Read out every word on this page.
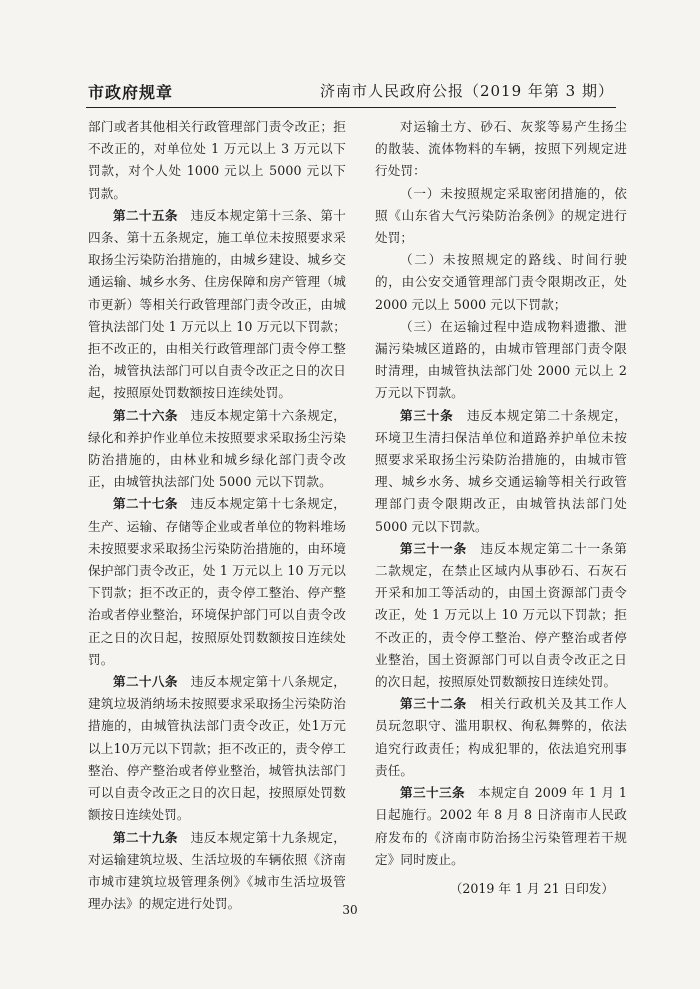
市政府规章	济南市人民政府公报（2019 年第 3 期）

部门或者其他相关行政管理部门责令改正；拒不改正的，对单位处 1 万元以上 3 万元以下罚款，对个人处 1000 元以上 5000 元以下罚款。

第二十五条  违反本规定第十三条、第十四条、第十五条规定，施工单位未按照要求采取扬尘污染防治措施的，由城乡建设、城乡交通运输、城乡水务、住房保障和房产管理（城市更新）等相关行政管理部门责令改正，由城管执法部门处 1 万元以上 10 万元以下罚款；拒不改正的，由相关行政管理部门责令停工整治，城管执法部门可以自责令改正之日的次日起，按照原处罚数额按日连续处罚。

第二十六条  违反本规定第十六条规定，绿化和养护作业单位未按照要求采取扬尘污染防治措施的，由林业和城乡绿化部门责令改正，由城管执法部门处 5000 元以下罚款。

第二十七条  违反本规定第十七条规定，生产、运输、存储等企业或者单位的物料堆场未按照要求采取扬尘污染防治措施的，由环境保护部门责令改正，处 1 万元以上 10 万元以下罚款；拒不改正的，责令停工整治、停产整治或者停业整治，环境保护部门可以自责令改正之日的次日起，按照原处罚数额按日连续处罚。

第二十八条  违反本规定第十八条规定，建筑垃圾消纳场未按照要求采取扬尘污染防治措施的，由城管执法部门责令改正，处1万元以上10万元以下罚款；拒不改正的，责令停工整治、停产整治或者停业整治，城管执法部门可以自责令改正之日的次日起，按照原处罚数额按日连续处罚。

第二十九条  违反本规定第十九条规定，对运输建筑垃圾、生活垃圾的车辆依照《济南市城市建筑垃圾管理条例》《城市生活垃圾管理办法》的规定进行处罚。

对运输土方、砂石、灰浆等易产生扬尘的散装、流体物料的车辆，按照下列规定进行处罚：

（一）未按照规定采取密闭措施的，依照《山东省大气污染防治条例》的规定进行处罚；

（二）未按照规定的路线、时间行驶的，由公安交通管理部门责令限期改正，处 2000 元以上 5000 元以下罚款；

（三）在运输过程中造成物料遗撒、泄漏污染城区道路的，由城市管理部门责令限时清理，由城管执法部门处 2000 元以上 2 万元以下罚款。

第三十条  违反本规定第二十条规定，环境卫生清扫保洁单位和道路养护单位未按照要求采取扬尘污染防治措施的，由城市管理、城乡水务、城乡交通运输等相关行政管理部门责令限期改正，由城管执法部门处 5000 元以下罚款。

第三十一条  违反本规定第二十一条第二款规定，在禁止区域内从事砂石、石灰石开采和加工等活动的，由国土资源部门责令改正，处 1 万元以上 10 万元以下罚款；拒不改正的，责令停工整治、停产整治或者停业整治，国土资源部门可以自责令改正之日的次日起，按照原处罚数额按日连续处罚。

第三十二条  相关行政机关及其工作人员玩忽职守、滥用职权、徇私舞弊的，依法追究行政责任；构成犯罪的，依法追究刑事责任。

第三十三条  本规定自 2009 年 1 月 1 日起施行。2002 年 8 月 8 日济南市人民政府发布的《济南市防治扬尘污染管理若干规定》同时废止。

（2019 年 1 月 21 日印发）
30
